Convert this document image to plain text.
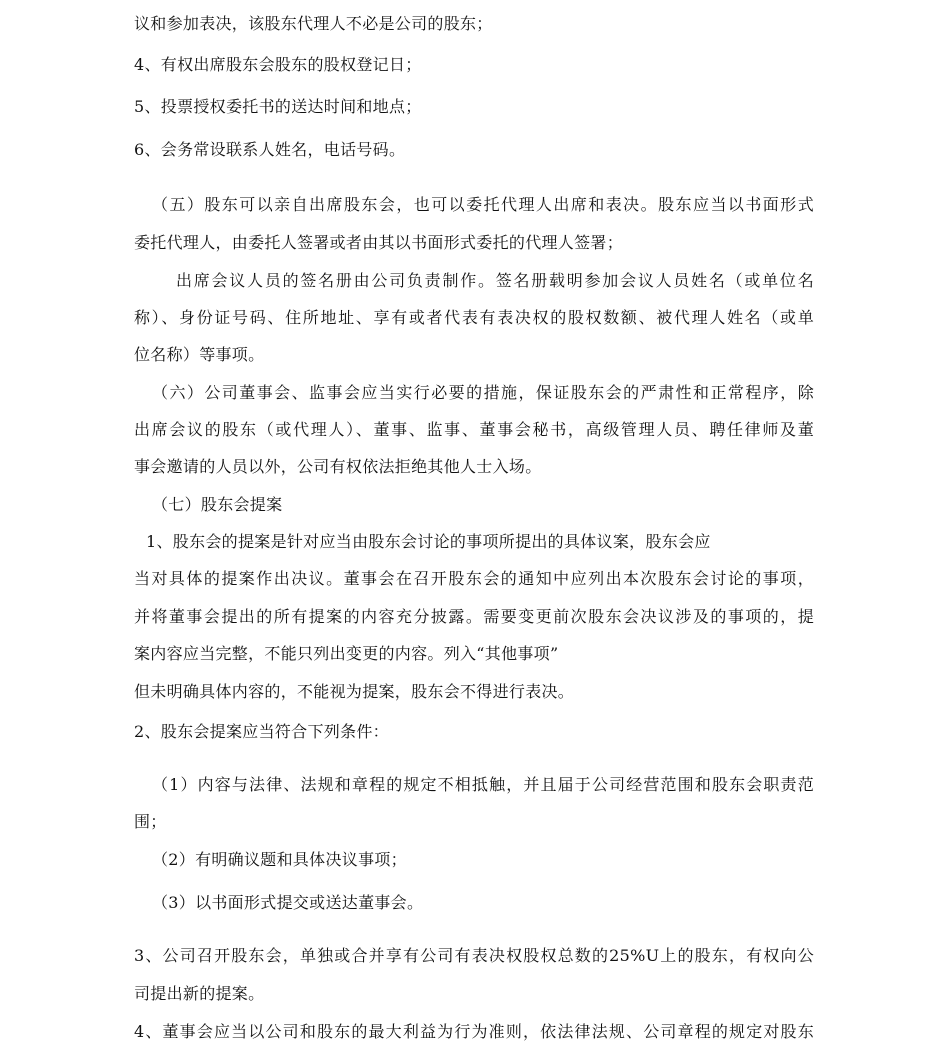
议和参加表决，该股东代理人不必是公司的股东；
4、有权出席股东会股东的股权登记日；
5、投票授权委托书的送达时间和地点；
6、会务常设联系人姓名，电话号码。
（五）股东可以亲自出席股东会，也可以委托代理人出席和表决。股东应当以书面形式
委托代理人，由委托人签署或者由其以书面形式委托的代理人签署；
出席会议人员的签名册由公司负责制作。签名册载明参加会议人员姓名（或单位名
称）、身份证号码、住所地址、享有或者代表有表决权的股权数额、被代理人姓名（或单
位名称）等事项。
（六）公司董事会、监事会应当实行必要的措施，保证股东会的严肃性和正常程序，除
出席会议的股东（或代理人）、董事、监事、董事会秘书，高级管理人员、聘任律师及董
事会邀请的人员以外，公司有权依法拒绝其他人士入场。
（七）股东会提案
1、股东会的提案是针对应当由股东会讨论的事项所提出的具体议案，股东会应
当对具体的提案作出决议。董事会在召开股东会的通知中应列出本次股东会讨论的事项，
并将董事会提出的所有提案的内容充分披露。需要变更前次股东会决议涉及的事项的，提
案内容应当完整，不能只列出变更的内容。列入“其他事项”
但未明确具体内容的，不能视为提案，股东会不得进行表决。
2、股东会提案应当符合下列条件：
（1）内容与法律、法规和章程的规定不相抵触，并且届于公司经营范围和股东会职责范
围；
（2）有明确议题和具体决议事项；
（3）以书面形式提交或送达董事会。
3、公司召开股东会，单独或合并享有公司有表决权股权总数的25%U上的股东，有权向公
司提出新的提案。
4、董事会应当以公司和股东的最大利益为行为准则，依法律法规、公司章程的规定对股东
